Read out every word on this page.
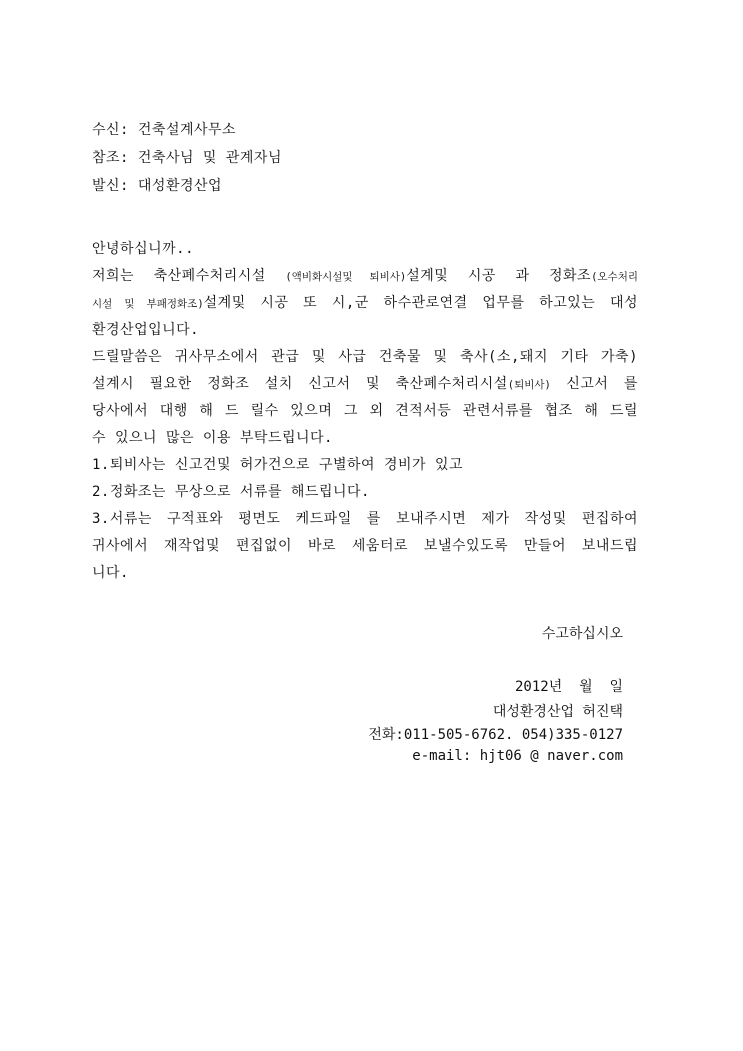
수신: 건축설계사무소
참조: 건축사님 및 관계자님
발신: 대성환경산업
안녕하십니까..
저희는 축산폐수처리시설 (액비화시설및 퇴비사)설계및 시공 과 정화조(오수처리
시설 및 부패정화조)설계및 시공 또 시,군 하수관로연결 업무를 하고있는 대성
환경산업입니다.
드릴말씀은 귀사무소에서 관급 및 사급 건축물 및 축사(소,돼지 기타 가축)
설계시 필요한 정화조 설치 신고서 및 축산폐수처리시설(퇴비사) 신고서 를
당사에서 대행 해 드 릴수 있으며 그 외 견적서등 관련서류를 협조 해 드릴
수 있으니 많은 이용 부탁드립니다.
1.퇴비사는 신고건및 허가건으로 구별하여 경비가 있고
2.정화조는 무상으로 서류를 해드립니다.
3.서류는 구적표와 평면도 케드파일 를 보내주시면 제가 작성및 편집하여
귀사에서 재작업및 편집없이 바로 세움터로 보낼수있도록 만들어 보내드립
니다.
수고하십시오
2012년  월  일
대성환경산업 허진택
전화:011-505-6762. 054)335-0127
e-mail: hjt06 @ naver.com
